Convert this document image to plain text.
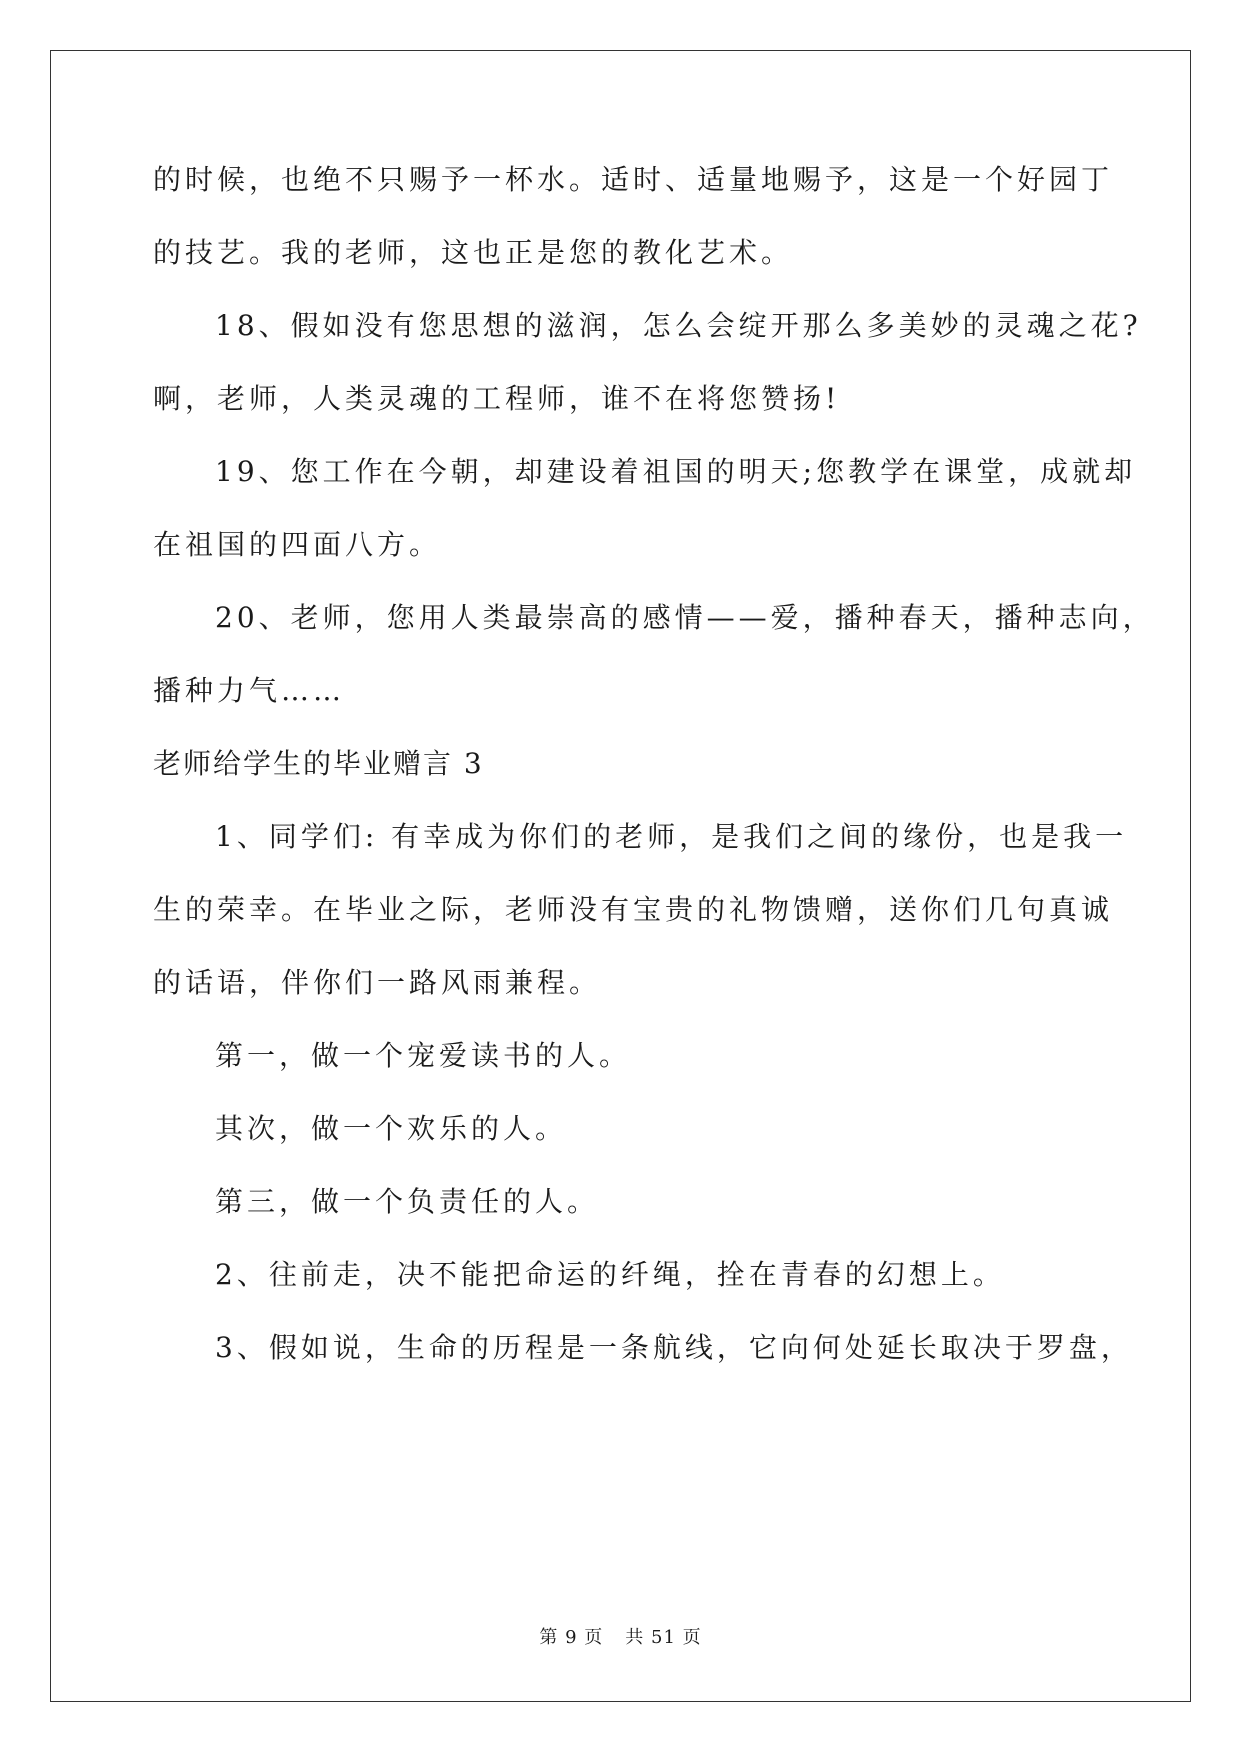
的时候，也绝不只赐予一杯水。适时、适量地赐予，这是一个好园丁
的技艺。我的老师，这也正是您的教化艺术。
18、假如没有您思想的滋润，怎么会绽开那么多美妙的灵魂之花?
啊，老师，人类灵魂的工程师，谁不在将您赞扬!
19、您工作在今朝，却建设着祖国的明天;您教学在课堂，成就却
在祖国的四面八方。
20、老师，您用人类最崇高的感情——爱，播种春天，播种志向，
播种力气……
老师给学生的毕业赠言 3
1、同学们: 有幸成为你们的老师，是我们之间的缘份，也是我一
生的荣幸。在毕业之际，老师没有宝贵的礼物馈赠，送你们几句真诚
的话语，伴你们一路风雨兼程。
第一，做一个宠爱读书的人。
其次，做一个欢乐的人。
第三，做一个负责任的人。
2、往前走，决不能把命运的纤绳，拴在青春的幻想上。
3、假如说，生命的历程是一条航线，它向何处延长取决于罗盘，
第 9 页 共 51 页
